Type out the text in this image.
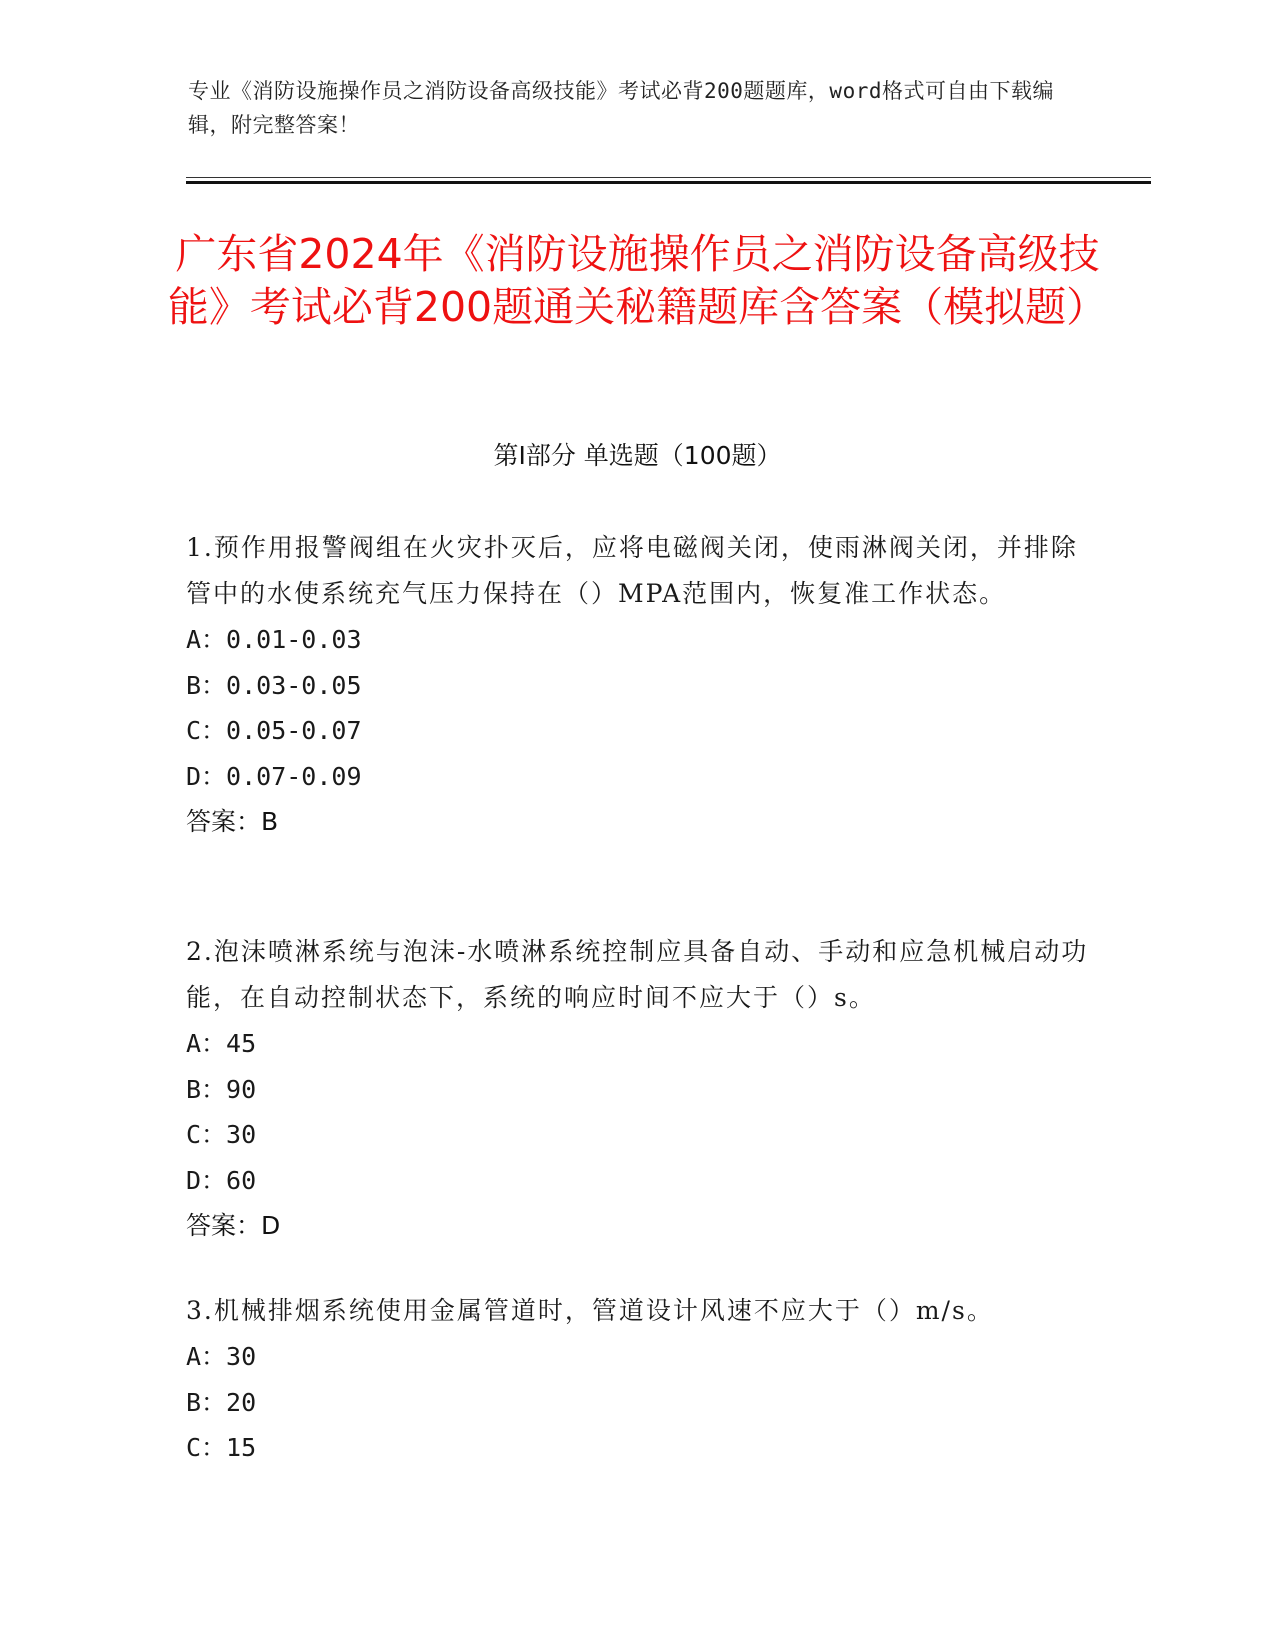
专业《消防设施操作员之消防设备高级技能》考试必背200题题库，word格式可自由下载编辑，附完整答案！
广东省2024年《消防设施操作员之消防设备高级技能》考试必背200题通关秘籍题库含答案（模拟题）
第I部分 单选题（100题）
1.预作用报警阀组在火灾扑灭后，应将电磁阀关闭，使雨淋阀关闭，并排除管中的水使系统充气压力保持在（）MPA范围内，恢复准工作状态。
A：0.01-0.03
B：0.03-0.05
C：0.05-0.07
D：0.07-0.09
答案：B
2.泡沫喷淋系统与泡沫-水喷淋系统控制应具备自动、手动和应急机械启动功能，在自动控制状态下，系统的响应时间不应大于（）s。
A：45
B：90
C：30
D：60
答案：D
3.机械排烟系统使用金属管道时，管道设计风速不应大于（）m/s。
A：30
B：20
C：15
